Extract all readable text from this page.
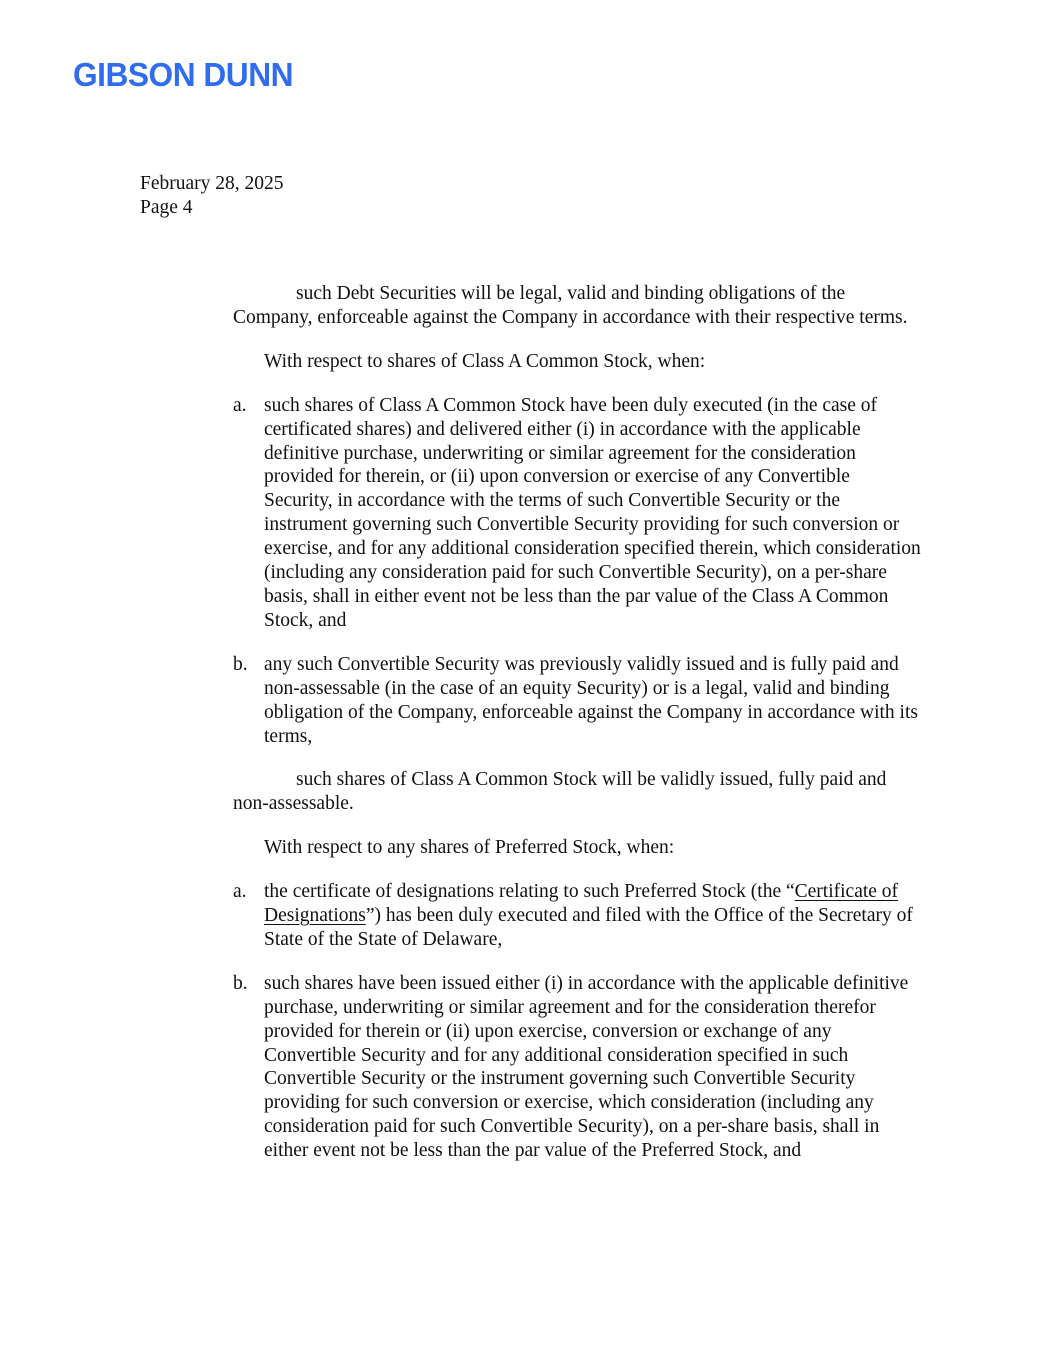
GIBSON DUNN
February 28, 2025
Page 4

such Debt Securities will be legal, valid and binding obligations of the Company, enforceable against the Company in accordance with their respective terms.

With respect to shares of Class A Common Stock, when:

a. such shares of Class A Common Stock have been duly executed (in the case of certificated shares) and delivered either (i) in accordance with the applicable definitive purchase, underwriting or similar agreement for the consideration provided for therein, or (ii) upon conversion or exercise of any Convertible Security, in accordance with the terms of such Convertible Security or the instrument governing such Convertible Security providing for such conversion or exercise, and for any additional consideration specified therein, which consideration (including any consideration paid for such Convertible Security), on a per-share basis, shall in either event not be less than the par value of the Class A Common Stock, and
b. any such Convertible Security was previously validly issued and is fully paid and non-assessable (in the case of an equity Security) or is a legal, valid and binding obligation of the Company, enforceable against the Company in accordance with its terms,

such shares of Class A Common Stock will be validly issued, fully paid and non-assessable.

With respect to any shares of Preferred Stock, when:

a. the certificate of designations relating to such Preferred Stock (the “Certificate of Designations”) has been duly executed and filed with the Office of the Secretary of State of the State of Delaware,
b. such shares have been issued either (i) in accordance with the applicable definitive purchase, underwriting or similar agreement and for the consideration therefor provided for therein or (ii) upon exercise, conversion or exchange of any Convertible Security and for any additional consideration specified in such Convertible Security or the instrument governing such Convertible Security providing for such conversion or exercise, which consideration (including any consideration paid for such Convertible Security), on a per-share basis, shall in either event not be less than the par value of the Preferred Stock, and
